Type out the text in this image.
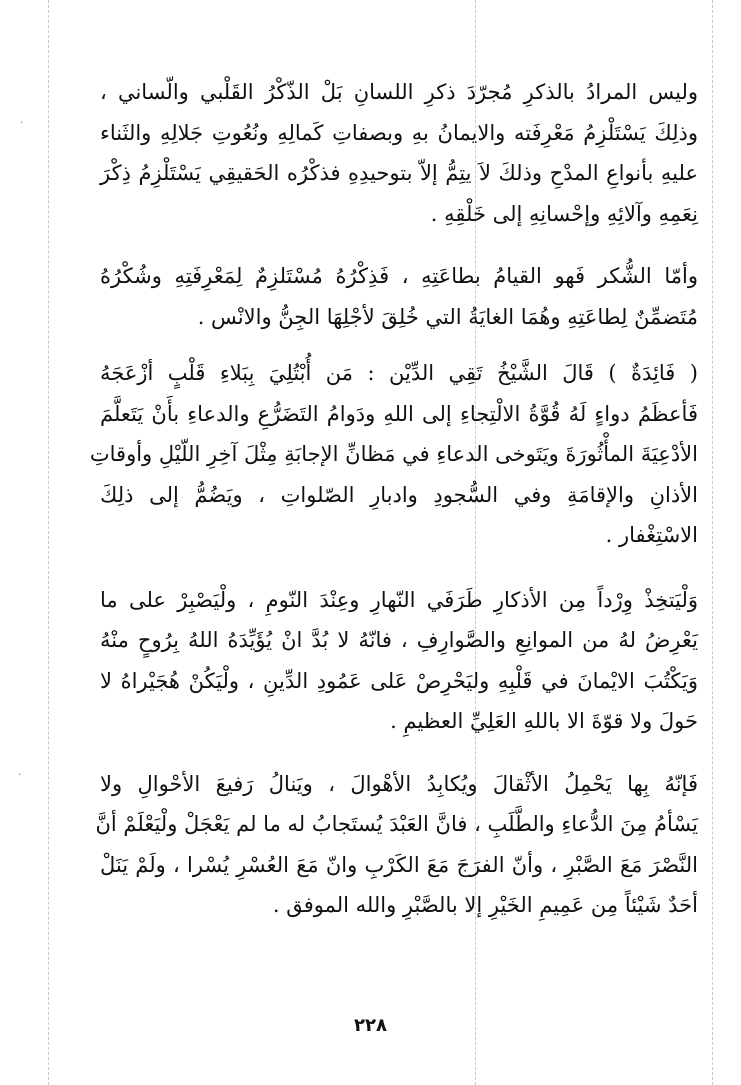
·
·

وليس المرادُ بالذكرِ مُجرّدَ ذكرِ اللسانِ بَلْ الذّكْرُ القَلْبي والّساني ،
وذلِكَ يَسْتَلْزِمُ مَعْرِفَته والايمانُ بهِ وبصفاتِ كَمالِهِ ونُعُوتِ جَلالِهِ والثَناء
عليهِ بأنواعِ المدْحِ وذلكَ لاَ يتِمُّ إلاّ بتوحيدِهِ فذكْرُه الحَقيقِي يَسْتَلْزِمُ ذِكْرَ
نِعَمِهِ وآلائِهِ وإحْسانِهِ إلى خَلْقِهِ .

وأمّا الشُّكر فَهو القيامُ بطاعَتِهِ ، فَذِكْرُهُ مُسْتَلزِمٌ لِمَعْرِفَتِهِ وشُكْرُهُ
مُتَضمِّنٌ لِطاعَتِهِ وهُمَا الغايَةُ التي خُلِقَ لأجْلِهَا الجِنُّ والانْس .

( فَائِدَةٌ ) قَالَ الشَّيْخُ تَقِي الدِّيْن : مَن أُبْتُلِيَ بِبَلاءِ قَلْبٍ أزْعَجَهُ
فَأعظَمُ دواءٍ لَهُ قُوَّةُ الالْتِجاءِ إلى اللهِ ودَوامُ التَضَرُّعِ والدعاءِ بأَنْ يَتَعلَّمَ
الأدْعِيَةَ المأْثُورَةَ ويَتَوخى الدعاءِ في مَظانِّ الإجابَةِ مِثْلَ آخِرِ اللّيْلِ وأوقاتِ
الأذانِ والإقامَةِ وفي السُّجودِ وادبارِ الصّلواتِ ، ويَضُمُّ إلى ذلِكَ
الاسْتِغْفار .

وَلْيَتخِذْ وِرْداً مِن الأذكارِ طَرَفَي النّهارِ وعِنْدَ النّومِ ، ولْيَصْبِرْ على ما
يَعْرِضُ لهُ من الموانِعِ والصَّوارِفِ ، فانّهُ لا بُدَّ انْ يُؤَيِّدَهُ اللهُ بِرُوحٍ منْهُ
وَيَكْتُبَ الايْمانَ في قَلْبِهِ وليَحْرِصْ عَلى عَمُودِ الدِّينِ ، ولْيَكُنْ هُجَيْراهُ لا
حَولَ ولا قوّةَ الا باللهِ العَلِيِّ العظيمِ .

فَإنّهُ بِها يَحْمِلُ الأثْقالَ ويُكابِدُ الأهْوالَ ، ويَنالُ رَفيعَ الأحْوالِ ولا
يَسْأمُ مِنَ الدُّعاءِ والطَّلَبِ ، فانَّ العَبْدَ يُستَجابُ له ما لم يَعْجَلْ ولْيَعْلَمْ أنَّ
النَّصْرَ مَعَ الصَّبْرِ ، وأنّ الفرَجَ مَعَ الكَرْبِ وانّ مَعَ العُسْرِ يُسْرا ، ولَمْ يَنَلْ
أحَدٌ شَيْئاً مِن عَمِيمِ الخَيْرِ إلا بالصَّبْرِ والله الموفق .

٢٢٨
